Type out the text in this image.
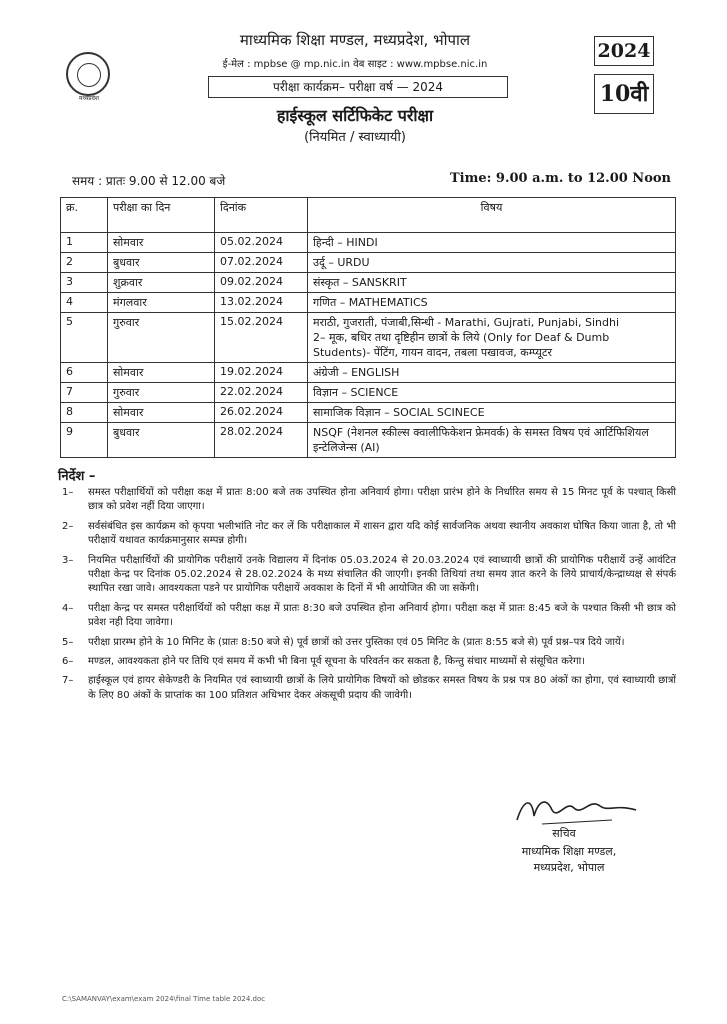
मध्यप्रदेश
माध्यमिक शिक्षा मण्डल, मध्यप्रदेश, भोपाल
ई-मेल : mpbse @ mp.nic.in वेब साइट : www.mpbse.nic.in
परीक्षा कार्यक्रम– परीक्षा वर्ष — 2024
2024
10वी
हाईस्कूल सर्टिफिकेट परीक्षा
(नियमित / स्वाध्यायी)
समय : प्रातः 9.00 से 12.00 बजे	Time: 9.00 a.m. to 12.00 Noon
क्र.	परीक्षा का दिन	दिनांक	विषय
1	सोमवार	05.02.2024	हिन्दी – HINDI
2	बुधवार	07.02.2024	उर्दू – URDU
3	शुक्रवार	09.02.2024	संस्कृत – SANSKRIT
4	मंगलवार	13.02.2024	गणित – MATHEMATICS
5	गुरुवार	15.02.2024	मराठी, गुजराती, पंजाबी,सिन्धी - Marathi, Gujrati, Punjabi, Sindhi
2– मूक, बधिर तथा दृष्टिहीन छात्रों के लिये (Only for Deaf & Dumb Students)- पेंटिंग, गायन वादन, तबला पखावज, कम्प्यूटर

6	सोमवार	19.02.2024	अंग्रेजी – ENGLISH
7	गुरुवार	22.02.2024	विज्ञान – SCIENCE
8	सोमवार	26.02.2024	सामाजिक विज्ञान – SOCIAL SCINECE
9	बुधवार	28.02.2024	NSQF (नेशनल स्कील्स क्वालीफिकेशन फ्रेमवर्क) के समस्त विषय एवं आर्टिफिशियल इन्टेलिजेन्स (AI)
निर्देश –
1–	समस्त परीक्षार्थियों को परीक्षा कक्ष में प्रातः 8:00 बजे तक उपस्थित होना अनिवार्य होगा। परीक्षा प्रारंभ होने के निर्धारित समय से 15 मिनट पूर्व के पश्चात् किसी छात्र को प्रवेश नहीं दिया जाएगा।
2–	सर्वसंबंधित इस कार्यक्रम को कृपया भलीभांति नोट कर लें कि परीक्षाकाल में शासन द्वारा यदि कोई सार्वजनिक अथवा स्थानीय अवकाश घोषित किया जाता है, तो भी परीक्षायें यथावत कार्यक्रमानुसार सम्पन्न होगी।
3–	नियमित परीक्षार्थियों की प्रायोगिक परीक्षायें उनके विद्यालय में दिनांक 05.03.2024 से 20.03.2024 एवं स्वाध्यायी छात्रों की प्रायोगिक परीक्षायें उन्हें आवंटित परीक्षा केन्द्र पर दिनांक 05.02.2024 से 28.02.2024 के मध्य संचालित की जाएगी। इनकी तिथियां तथा समय ज्ञात करने के लिये प्राचार्य/केन्द्राध्यक्ष से संपर्क स्थापित रखा जावे। आवश्यकता पडने पर प्रायोगिक परीक्षायें अवकाश के दिनों में भी आयोजित की जा सकेंगी।
4–	परीक्षा केन्द्र पर समस्त परीक्षार्थियों को परीक्षा कक्ष में प्रातः 8:30 बजे उपस्थित होना अनिवार्य होगा। परीक्षा कक्ष में प्रातः 8:45 बजे के पश्चात किसी भी छात्र को प्रवेश नही दिया जावेगा।
5–	परीक्षा प्रारम्भ होने के 10 मिनिट के (प्रातः 8:50 बजे से) पूर्व छात्रों को उत्तर पुस्तिका एवं 05 मिनिट के (प्रातः 8:55 बजे से) पूर्व प्रश्न–पत्र दिये जायें।
6–	मण्डल, आवश्यकता होने पर तिथि एवं समय में कभी भी बिना पूर्व सूचना के परिवर्तन कर सकता है, किन्तु संचार माध्यमों से संसूचित करेगा।
7–	हाईस्कूल एवं हायर सेकेण्डरी के नियमित एवं स्वाध्यायी छात्रों के लिये प्रायोगिक विषयों को छोडकर समस्त विषय के प्रश्न पत्र 80 अंकों का होगा, एवं स्वाध्यायी छात्रों के लिए 80 अंकों के प्राप्तांक का 100 प्रतिशत अधिभार देकर अंकसूची प्रदाय की जावेगी।
सचिव
माध्यमिक शिक्षा मण्डल,
मध्यप्रदेश, भोपाल
C:\SAMANVAY\exam\exam 2024\final Time table 2024.doc
